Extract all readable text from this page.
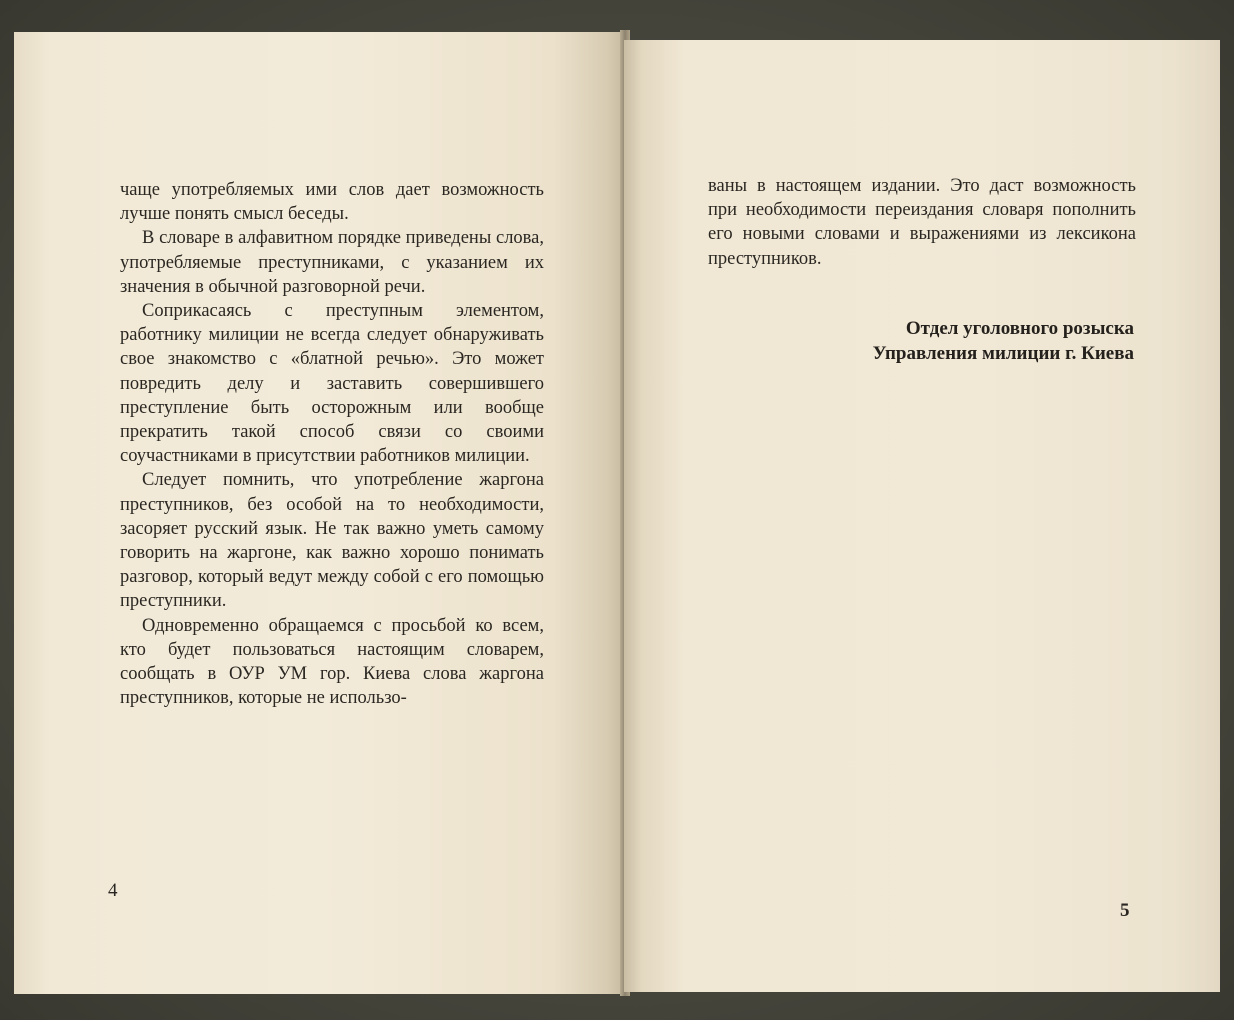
чаще употребляемых ими слов дает возможность лучше понять смысл беседы.

В словаре в алфавитном порядке приведены слова, употребляемые преступниками, с указанием их значения в обычной разговорной речи.

Соприкасаясь с преступным элементом, работнику милиции не всегда следует обнаруживать свое знакомство с «блатной речью». Это может повредить делу и заставить совершившего преступление быть осторожным или вообще прекратить такой способ связи со своими соучастниками в присутствии работников милиции.

Следует помнить, что употребление жаргона преступников, без особой на то необходимости, засоряет русский язык. Не так важно уметь самому говорить на жаргоне, как важно хорошо понимать разговор, который ведут между собой с его помощью преступники.

Одновременно обращаемся с просьбой ко всем, кто будет пользоваться настоящим словарем, сообщать в ОУР УМ гор. Киева слова жаргона преступников, которые не использо-

4

ваны в настоящем издании. Это даст возможность при необходимости переиздания словаря пополнить его новыми словами и выражениями из лексикона преступников.

Отдел уголовного розыска
Управления милиции г. Киева
5
